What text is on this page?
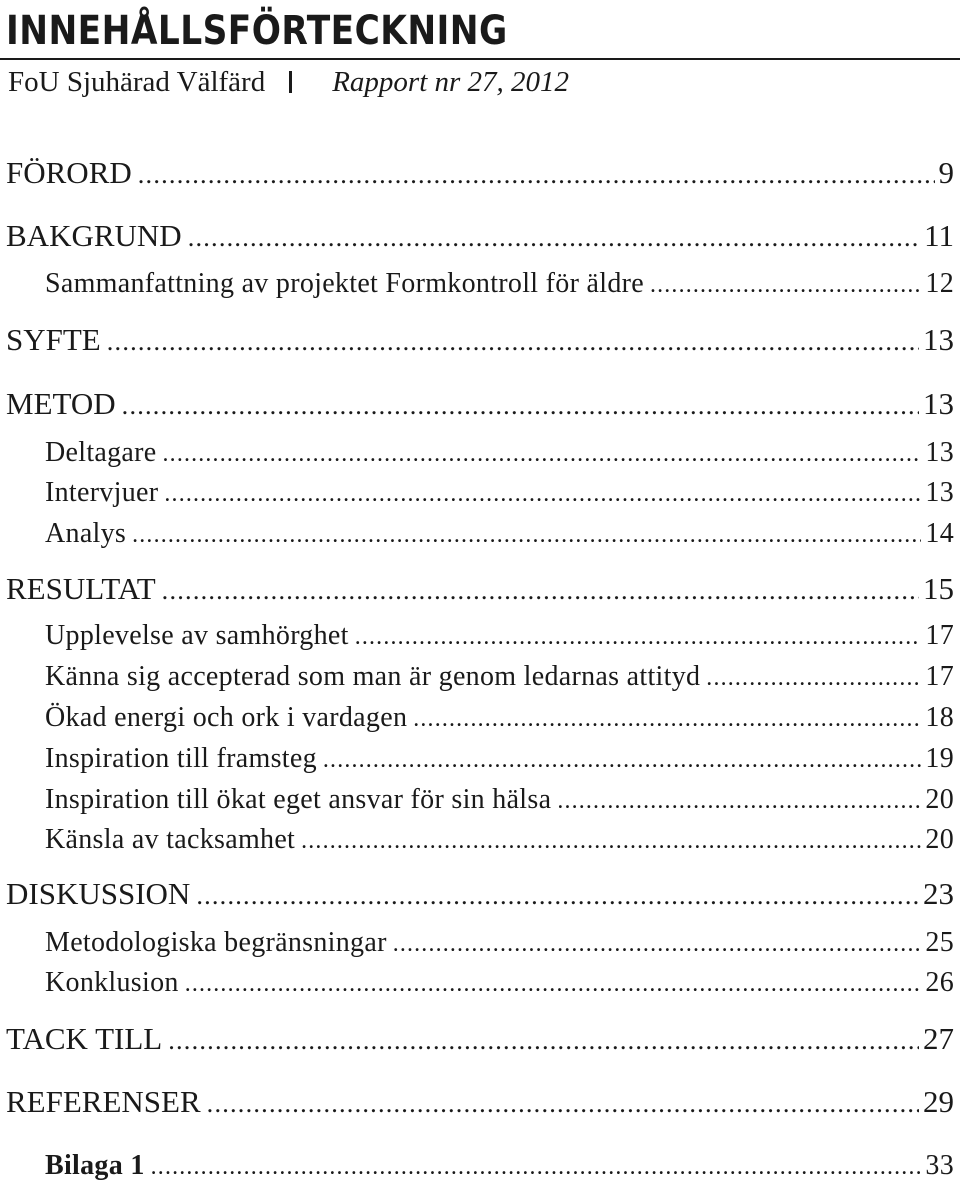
INNEHÅLLSFÖRTECKNING
FoU Sjuhärad Välfärd Rapport nr 27, 2012
FÖRORD .....	9
BAKGRUND .....	11
Sammanfattning av projektet Formkontroll för äldre .....	12
SYFTE .....	13
METOD .....	13
Deltagare .....	13
Intervjuer .....	13
Analys .....	14
RESULTAT .....	15
Upplevelse av samhörghet .....	17
Känna sig accepterad som man är genom ledarnas attityd .....	17
Ökad energi och ork i vardagen .....	18
Inspiration till framsteg .....	19
Inspiration till ökat eget ansvar för sin hälsa .....	20
Känsla av tacksamhet .....	20
DISKUSSION .....	23
Metodologiska begränsningar .....	25
Konklusion .....	26
TACK TILL .....	27
REFERENSER .....	29
Bilaga 1 .....	33
